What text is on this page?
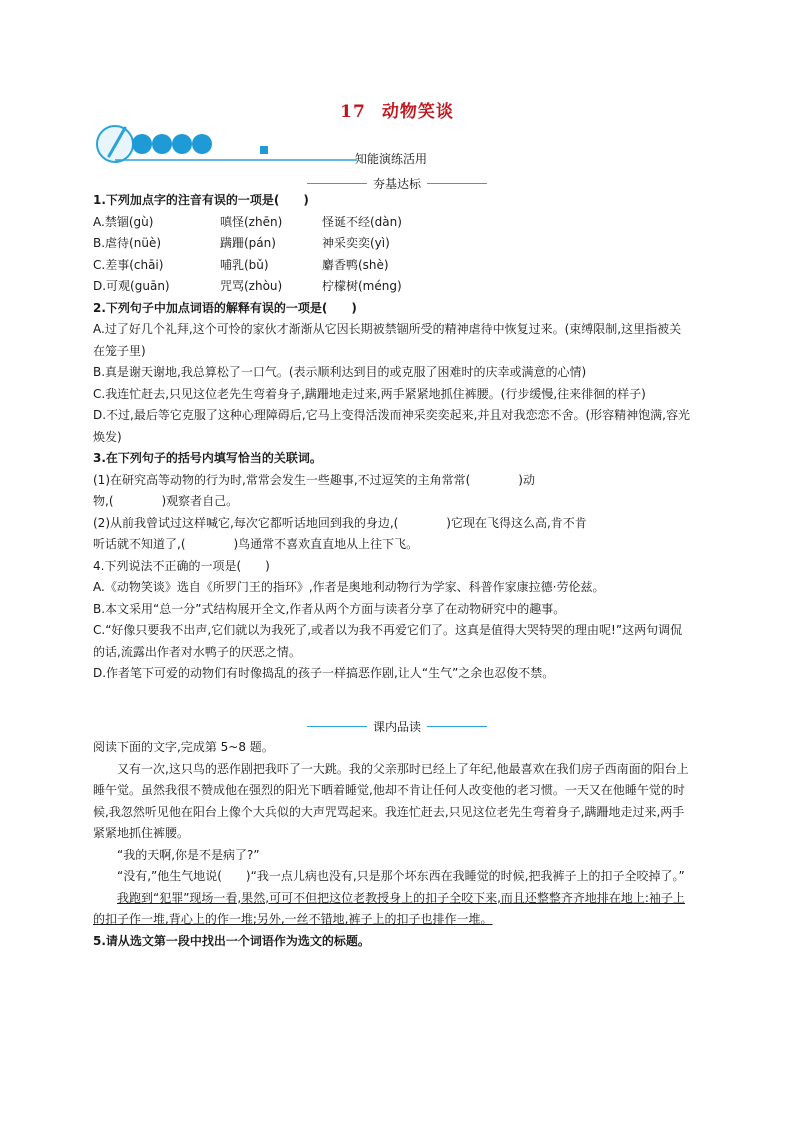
17 动物笑谈
知能演练活用
夯基达标

1.下列加点字的注音有误的一项是(　　)

A.禁锢(gù)	嗔怪(zhēn)	怪诞不经(dàn)
B.虐待(nüè)	蹒跚(pán)	神采奕奕(yì)
C.差事(chāi)	哺乳(bǔ)	麝香鸭(shè)
D.可观(guān)	咒骂(zhòu)	柠檬树(méng)

2.下列句子中加点词语的解释有误的一项是(　　)

A.过了好几个礼拜,这个可怜的家伙才渐渐从它因长期被禁锢所受的精神虐待中恢复过来。(束缚限制,这里指被关在笼子里)

B.真是谢天谢地,我总算松了一口气。(表示顺利达到目的或克服了困难时的庆幸或满意的心情)

C.我连忙赶去,只见这位老先生弯着身子,蹒跚地走过来,两手紧紧地抓住裤腰。(行步缓慢,往来徘徊的样子)

D.不过,最后等它克服了这种心理障碍后,它马上变得活泼而神采奕奕起来,并且对我恋恋不舍。(形容精神饱满,容光焕发)

3.在下列句子的括号内填写恰当的关联词。

(1)在研究高等动物的行为时,常常会发生一些趣事,不过逗笑的主角常常(　　　　)动

物,(　　　　)观察者自己。

(2)从前我曾试过这样喊它,每次它都听话地回到我的身边,(　　　　)它现在飞得这么高,肯不肯

听话就不知道了,(　　　　)鸟通常不喜欢直直地从上往下飞。

4.下列说法不正确的一项是(　　)

A.《动物笑谈》选自《所罗门王的指环》,作者是奥地利动物行为学家、科普作家康拉德·劳伦兹。

B.本文采用“总一分”式结构展开全文,作者从两个方面与读者分享了在动物研究中的趣事。

C.“好像只要我不出声,它们就以为我死了,或者以为我不再爱它们了。这真是值得大哭特哭的理由呢!”这两句调侃的话,流露出作者对水鸭子的厌恶之情。

D.作者笔下可爱的动物们有时像捣乱的孩子一样搞恶作剧,让人“生气”之余也忍俊不禁。

课内品读

阅读下面的文字,完成第 5~8 题。

又有一次,这只鸟的恶作剧把我吓了一大跳。我的父亲那时已经上了年纪,他最喜欢在我们房子西南面的阳台上睡午觉。虽然我很不赞成他在强烈的阳光下晒着睡觉,他却不肯让任何人改变他的老习惯。一天又在他睡午觉的时候,我忽然听见他在阳台上像个大兵似的大声咒骂起来。我连忙赶去,只见这位老先生弯着身子,蹒跚地走过来,两手紧紧地抓住裤腰。

“我的天啊,你是不是病了?”

“没有,”他生气地说(　　)“我一点儿病也没有,只是那个坏东西在我睡觉的时候,把我裤子上的扣子全咬掉了。”

我跑到“犯罪”现场一看,果然,可可不但把这位老教授身上的扣子全咬下来,而且还整整齐齐地排在地上:袖子上的扣子作一堆,背心上的作一堆;另外,一丝不错地,裤子上的扣子也排作一堆。

5.请从选文第一段中找出一个词语作为选文的标题。
